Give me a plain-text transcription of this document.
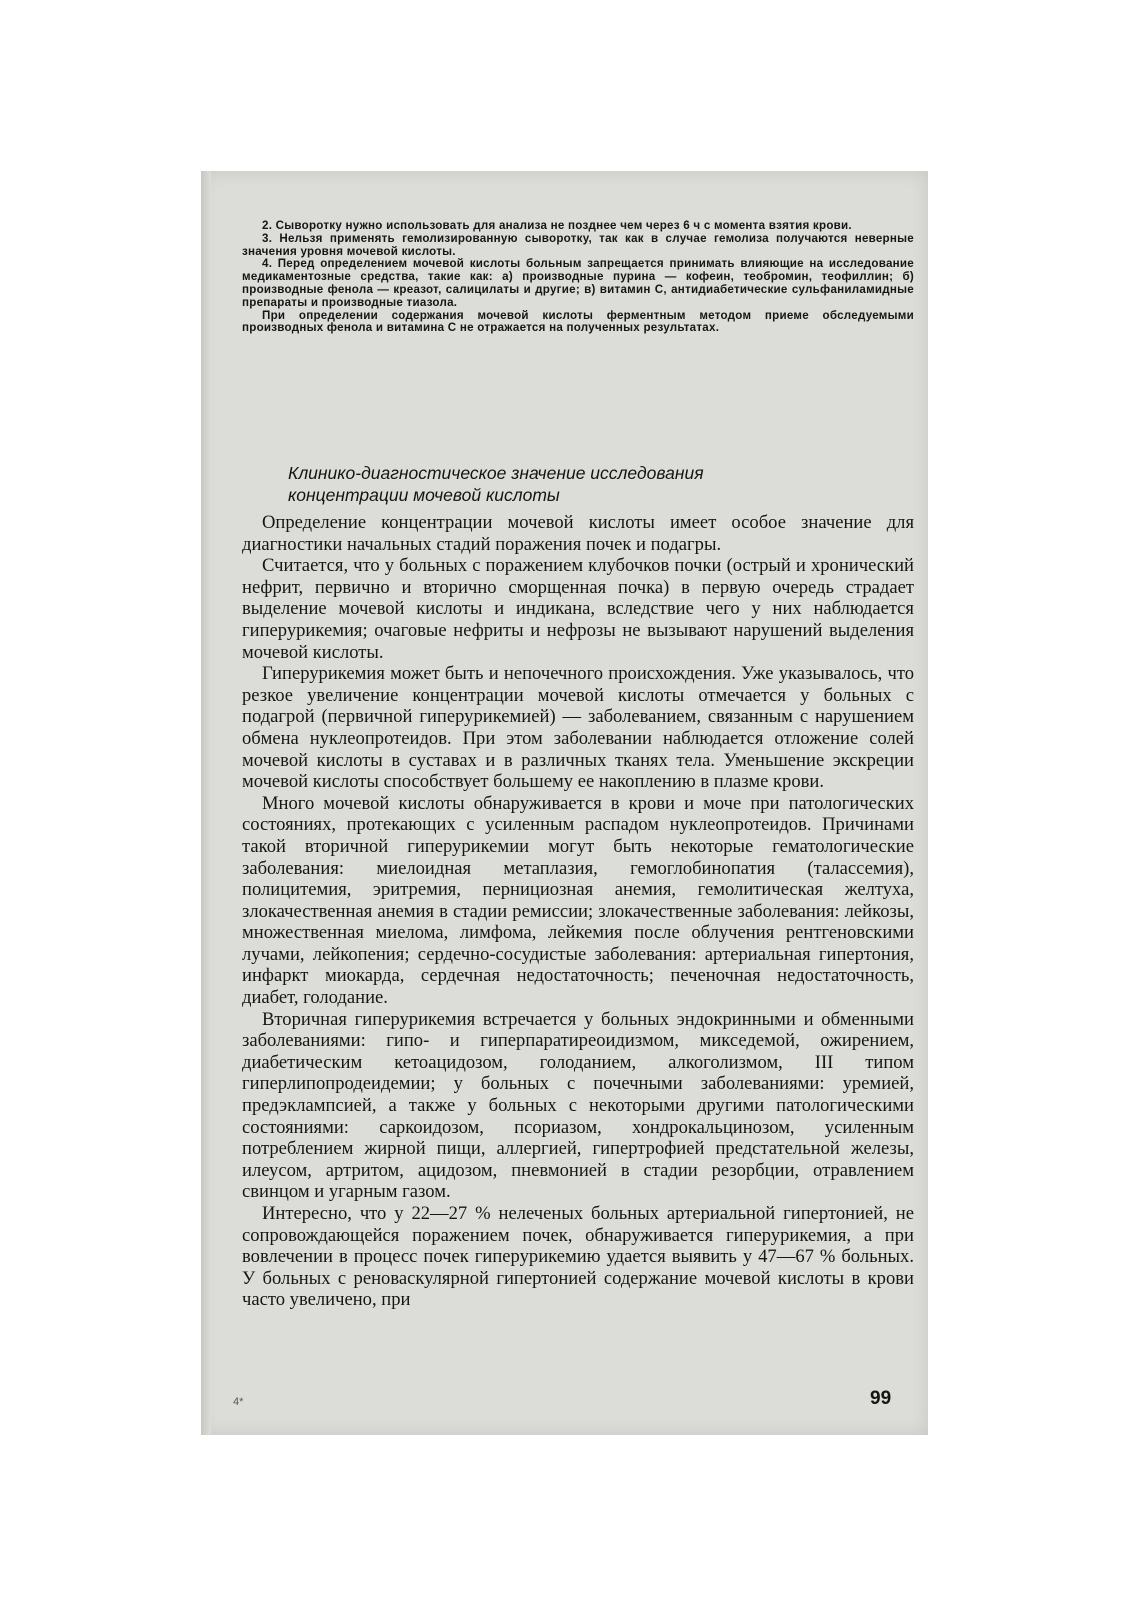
2. Сыворотку нужно использовать для анализа не позднее чем через 6 ч с момента взятия крови.

3. Нельзя применять гемолизированную сыворотку, так как в случае гемолиза получаются неверные значения уровня мочевой кислоты.

4. Перед определением мочевой кислоты больным запрещается принимать влияющие на исследование медикаментозные средства, такие как: а) производные пурина — кофеин, теобромин, теофиллин; б) производные фенола — креазот, салицилаты и другие; в) витамин С, антидиабетические сульфаниламидные препараты и производные тиазола.

При определении содержания мочевой кислоты ферментным методом приеме обследуемыми производных фенола и витамина С не отражается на полученных результатах.

Клинико-диагностическое значение исследования
концентрации мочевой кислоты

Определение концентрации мочевой кислоты имеет особое значение для диагностики начальных стадий поражения почек и подагры.

Считается, что у больных с поражением клубочков почки (острый и хронический нефрит, первично и вторично сморщенная почка) в первую очередь страдает выделение мочевой кислоты и индикана, вследствие чего у них наблюдается гиперурикемия; очаговые нефриты и нефрозы не вызывают нарушений выделения мочевой кислоты.

Гиперурикемия может быть и непочечного происхождения. Уже указывалось, что резкое увеличение концентрации мочевой кислоты отмечается у больных с подагрой (первичной гиперурикемией) — заболеванием, связанным с нарушением обмена нуклеопротеидов. При этом заболевании наблюдается отложение солей мочевой кислоты в суставах и в различных тканях тела. Уменьшение экскреции мочевой кислоты способствует большему ее накоплению в плазме крови.

Много мочевой кислоты обнаруживается в крови и моче при патологических состояниях, протекающих с усиленным распадом нуклеопротеидов. Причинами такой вторичной гиперурикемии могут быть некоторые гематологические заболевания: миелоидная метаплазия, гемоглобинопатия (талассемия), полицитемия, эритремия, пернициозная анемия, гемолитическая желтуха, злокачественная анемия в стадии ремиссии; злокачественные заболевания: лейкозы, множественная миелома, лимфома, лейкемия после облучения рентгеновскими лучами, лейкопения; сердечно-сосудистые заболевания: артериальная гипертония, инфаркт миокарда, сердечная недостаточность; печеночная недостаточность, диабет, голодание.

Вторичная гиперурикемия встречается у больных эндокринными и обменными заболеваниями: гипо- и гиперпаратиреоидизмом, микседемой, ожирением, диабетическим кетоацидозом, голоданием, алкоголизмом, III типом гиперлипопродеидемии; у больных с почечными заболеваниями: уремией, предэклампсией, а также у больных с некоторыми другими патологическими состояниями: саркоидозом, псориазом, хондрокальцинозом, усиленным потреблением жирной пищи, аллергией, гипертрофией предстательной железы, илеусом, артритом, ацидозом, пневмонией в стадии резорбции, отравлением свинцом и угарным газом.

Интересно, что у 22—27 % нелеченых больных артериальной гипертонией, не сопровождающейся поражением почек, обнаруживается гиперурикемия, а при вовлечении в процесс почек гиперурикемию удается выявить у 47—67 % больных. У больных с реноваскулярной гипертонией содержание мочевой кислоты в крови часто увеличено, при

4*	99
